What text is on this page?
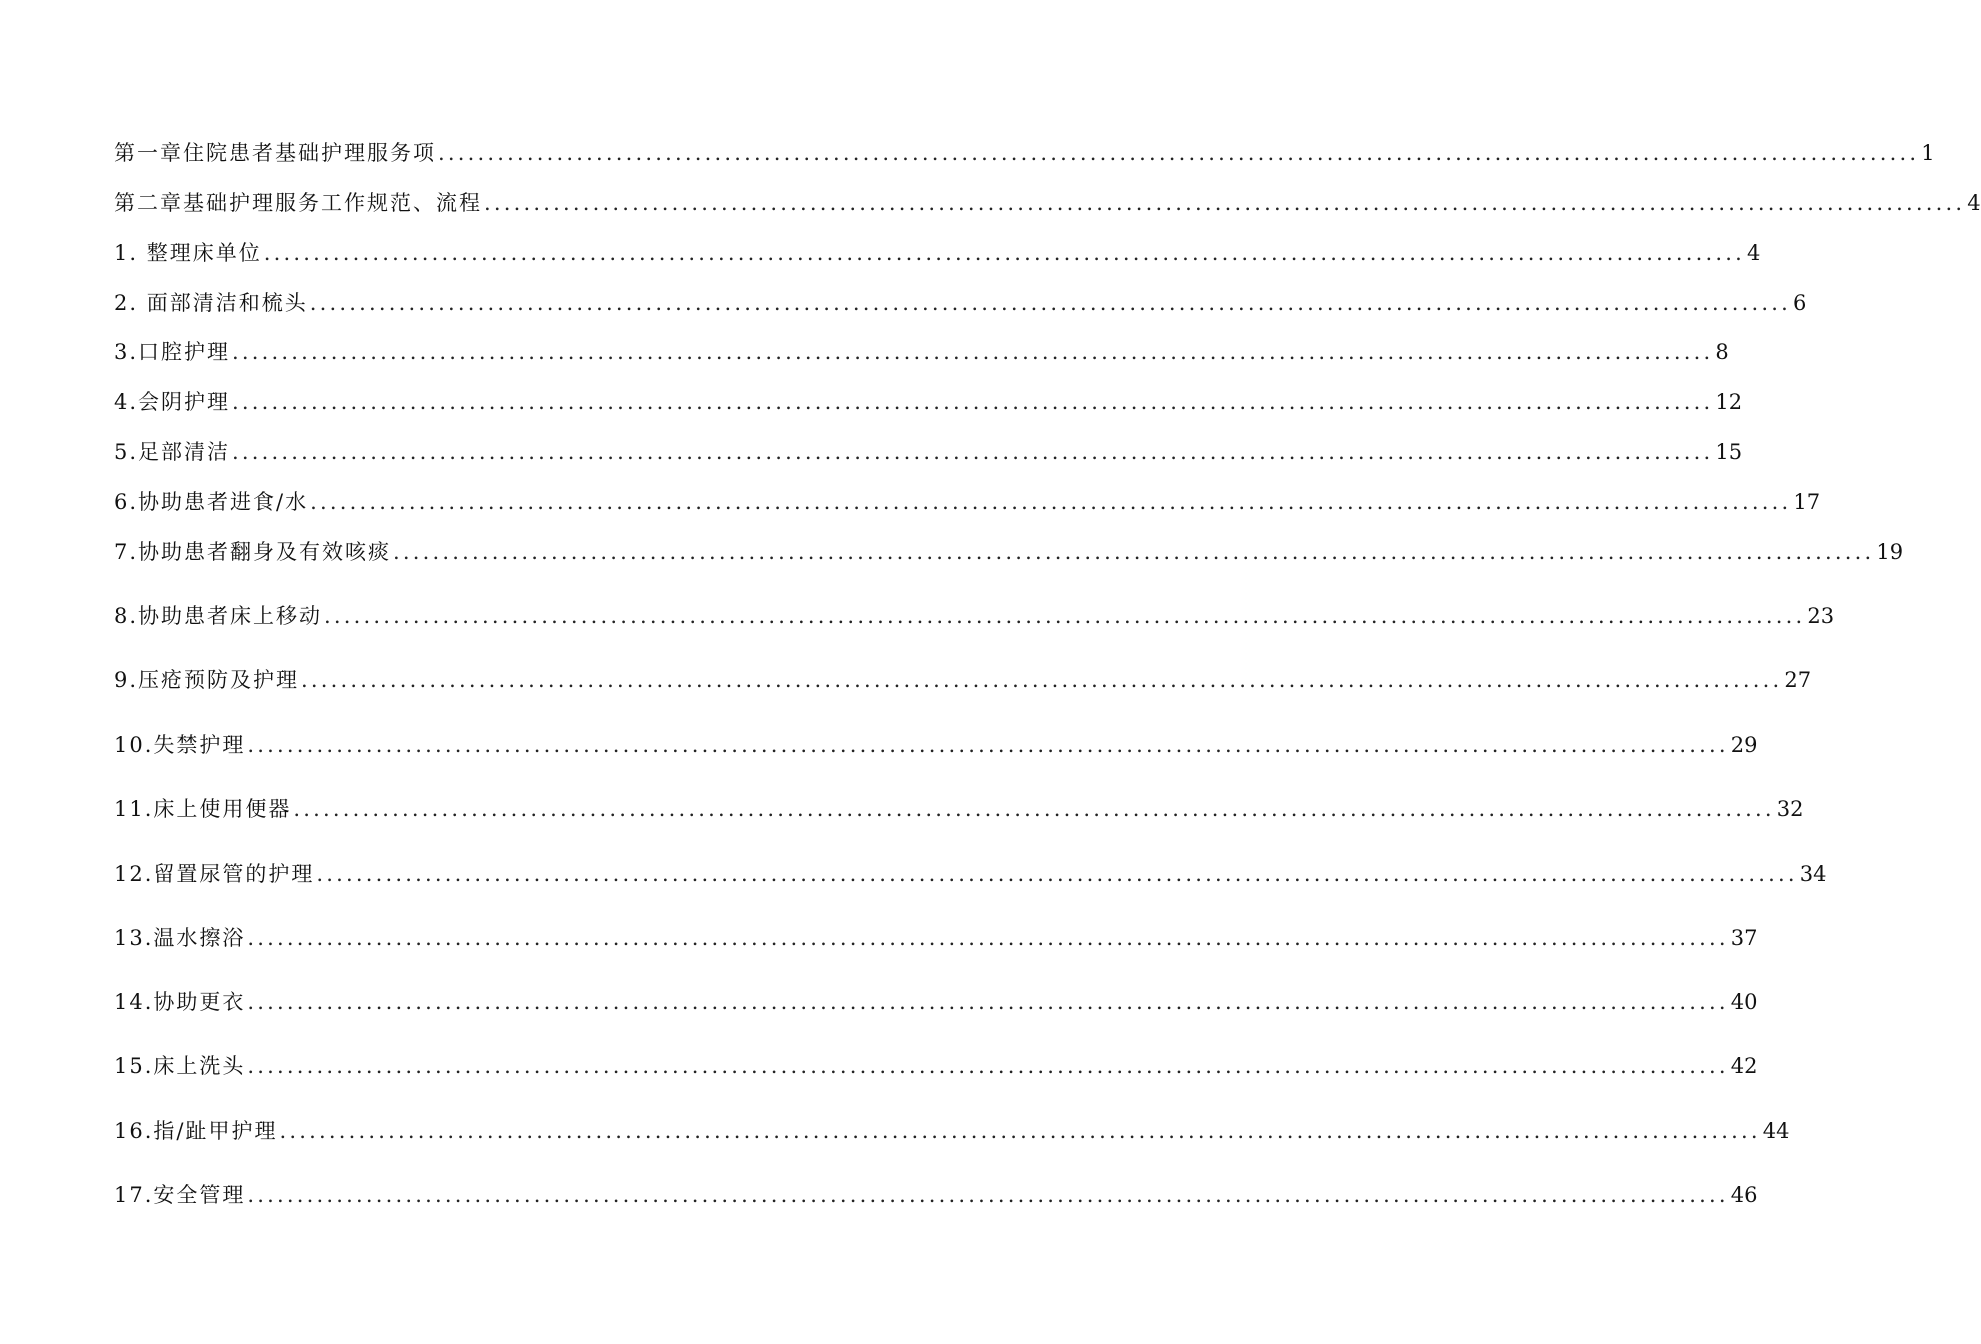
第一章住院患者基础护理服务项 ...................................................................................................................................................... 1
第二章基础护理服务工作规范、流程 ...................................................................................................................................................... 4
1. 整理床单位 ...................................................................................................................................................... 4
2. 面部清洁和梳头 ...................................................................................................................................................... 6
3.口腔护理 ...................................................................................................................................................... 8
4.会阴护理 ...................................................................................................................................................... 12
5.足部清洁 ...................................................................................................................................................... 15
6.协助患者进食/水 ...................................................................................................................................................... 17
7.协助患者翻身及有效咳痰 ...................................................................................................................................................... 19
8.协助患者床上移动 ...................................................................................................................................................... 23
9.压疮预防及护理 ...................................................................................................................................................... 27
10.失禁护理 ...................................................................................................................................................... 29
11.床上使用便器 ...................................................................................................................................................... 32
12.留置尿管的护理 ...................................................................................................................................................... 34
13.温水擦浴 ...................................................................................................................................................... 37
14.协助更衣 ...................................................................................................................................................... 40
15.床上洗头 ...................................................................................................................................................... 42
16.指/趾甲护理 ...................................................................................................................................................... 44
17.安全管理 ...................................................................................................................................................... 46
